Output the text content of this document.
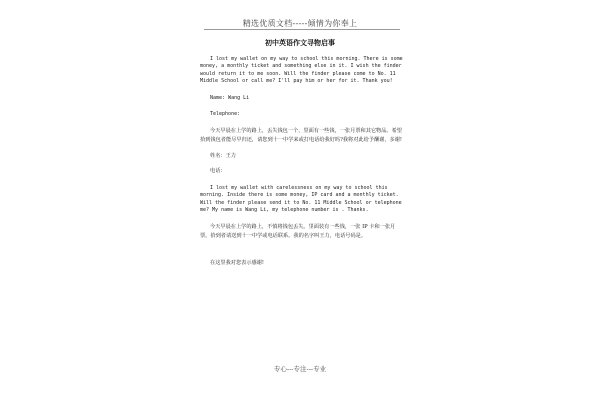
精选优质文档-----倾情为你奉上
初中英语作文寻物启事

I lost my wallet on my way to school this morning. There is some money, a monthly ticket and something else in it. I wish the finder would return it to me soon. Will the finder please come to No. 11 Middle School or call me? I'll pay him or her for it. Thank you!

Name: Wang Li

Telephone:

今天早晨在上学的路上，丢失钱包一个，里面有一些钱，一张月票和其它物品。希望拾到钱包者能尽早归还，请您到十一中学来或打电话给我好吗?我将对此给予酬谢，多谢!

姓名：王力

电话：

I lost my wallet with carelessness on my way to school this morning. Inside there is some money, IP card and a monthly ticket. Will the finder please send it to No. 11 Middle School or telephone me? My name is Wang Li, my telephone number is . Thanks.

今天早晨在上学的路上，不慎将钱包丢失。里面装有一些钱，一张 IP 卡和一张月票。拾到者请送到十一中学或电话联系。我的名字叫王力，电话号码是。

在这里我对您表示感谢!

专心---专注---专业
